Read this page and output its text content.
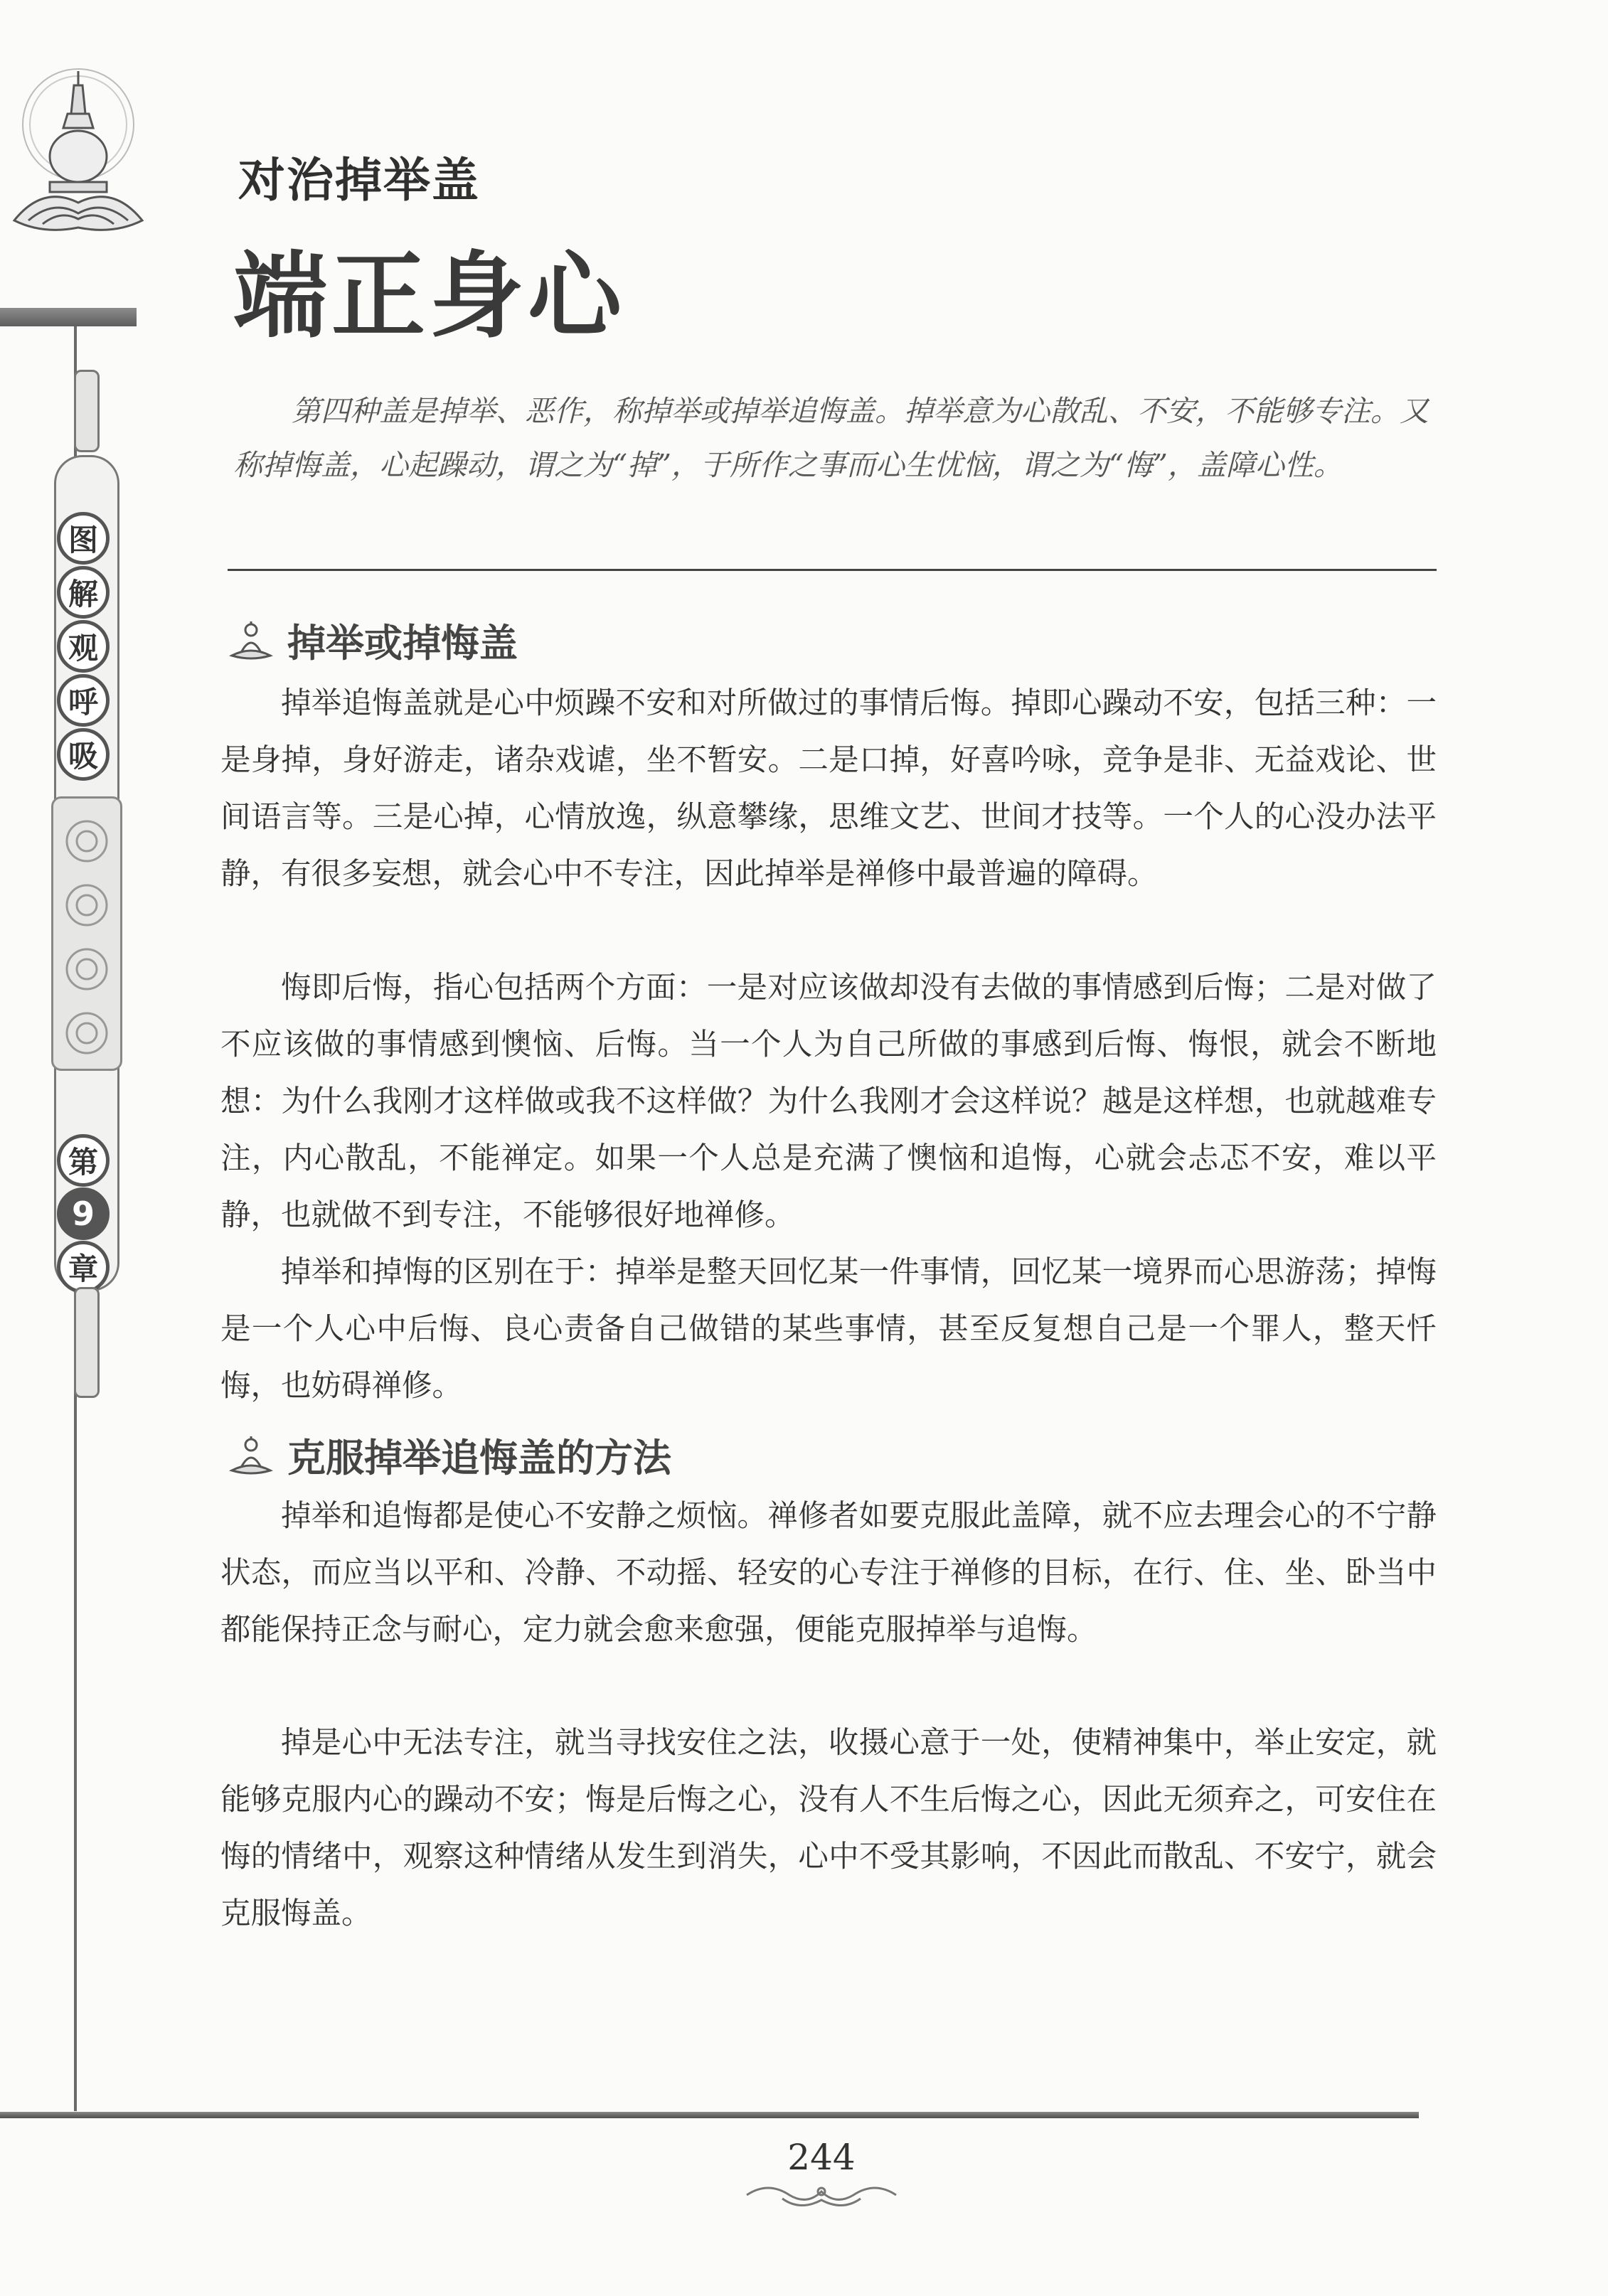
图
解
观
呼
吸
第
9
章
对治掉举盖
端正身心
第四种盖是掉举、恶作，称掉举或掉举追悔盖。掉举意为心散乱、不安，不能够专注。又称掉悔盖，心起躁动，谓之为“掉”，于所作之事而心生忧恼，谓之为“悔”，盖障心性。
掉举或掉悔盖
掉举追悔盖就是心中烦躁不安和对所做过的事情后悔。掉即心躁动不安，包括三种：一是身掉，身好游走，诸杂戏谑，坐不暂安。二是口掉，好喜吟咏，竞争是非、无益戏论、世间语言等。三是心掉，心情放逸，纵意攀缘，思维文艺、世间才技等。一个人的心没办法平静，有很多妄想，就会心中不专注，因此掉举是禅修中最普遍的障碍。
悔即后悔，指心包括两个方面：一是对应该做却没有去做的事情感到后悔；二是对做了不应该做的事情感到懊恼、后悔。当一个人为自己所做的事感到后悔、悔恨，就会不断地想：为什么我刚才这样做或我不这样做？为什么我刚才会这样说？越是这样想，也就越难专注，内心散乱，不能禅定。如果一个人总是充满了懊恼和追悔，心就会忐忑不安，难以平静，也就做不到专注，不能够很好地禅修。
掉举和掉悔的区别在于：掉举是整天回忆某一件事情，回忆某一境界而心思游荡；掉悔是一个人心中后悔、良心责备自己做错的某些事情，甚至反复想自己是一个罪人，整天忏悔，也妨碍禅修。
克服掉举追悔盖的方法
掉举和追悔都是使心不安静之烦恼。禅修者如要克服此盖障，就不应去理会心的不宁静状态，而应当以平和、冷静、不动摇、轻安的心专注于禅修的目标，在行、住、坐、卧当中都能保持正念与耐心，定力就会愈来愈强，便能克服掉举与追悔。
掉是心中无法专注，就当寻找安住之法，收摄心意于一处，使精神集中，举止安定，就能够克服内心的躁动不安；悔是后悔之心，没有人不生后悔之心，因此无须弃之，可安住在悔的情绪中，观察这种情绪从发生到消失，心中不受其影响，不因此而散乱、不安宁，就会克服悔盖。
244
